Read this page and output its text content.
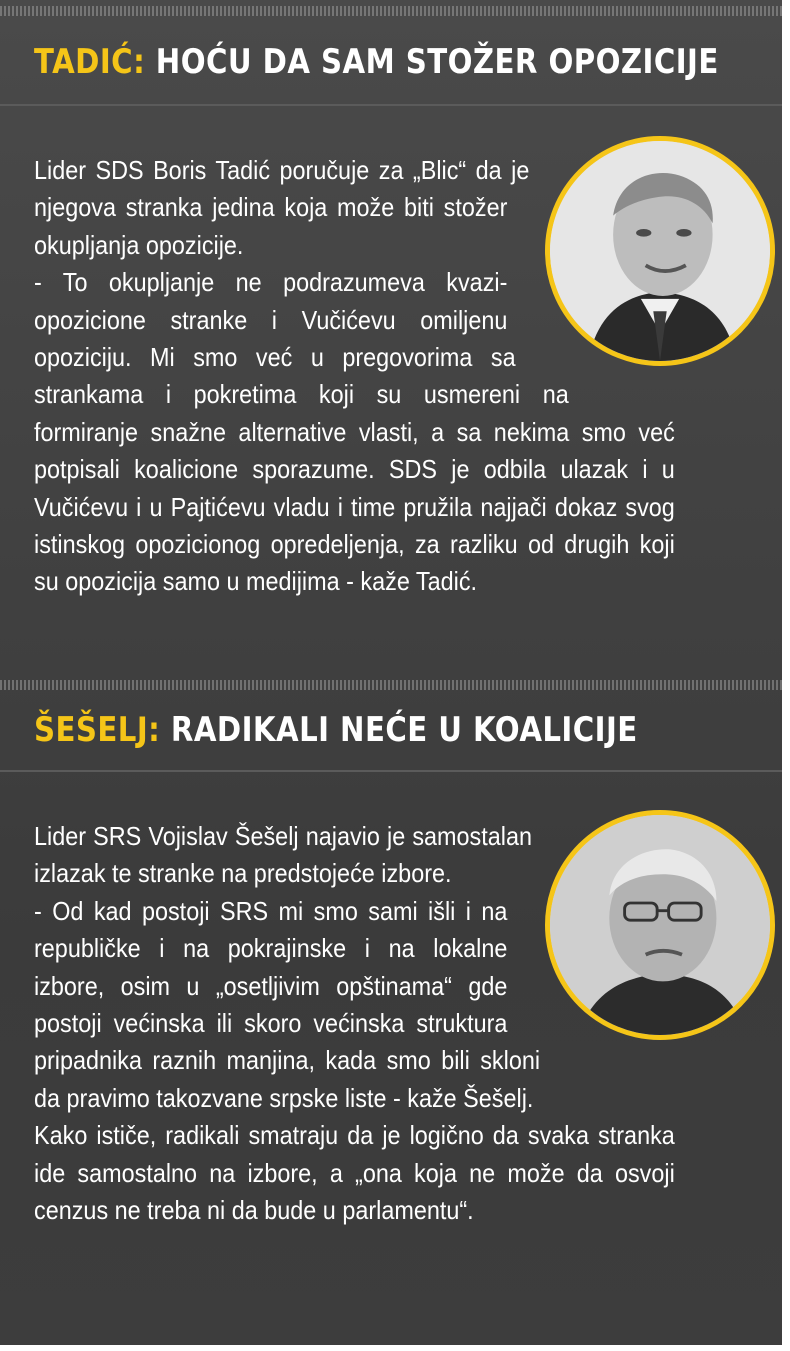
TADIĆ: HOĆU DA SAM STOŽER OPOZICIJE

Lider SDS Boris Tadić poručuje za „Blic“ da je njegova stranka jedina koja može biti stožer okupljanja opozicije.

- To okupljanje ne podrazumeva kvazi-opozicione stranke i Vučićevu omiljenu opoziciju. Mi smo već u pregovorima sa strankama i pokretima koji su usmereni na formiranje snažne alternative vlasti, a sa nekima smo već potpisali koalicione sporazume. SDS je odbila ulazak i u Vučićevu i u Pajtićevu vladu i time pružila najjači dokaz svog istinskog opozicionog opredeljenja, za razliku od drugih koji su opozicija samo u medijima - kaže Tadić.

ŠEŠELJ: RADIKALI NEĆE U KOALICIJE

Lider SRS Vojislav Šešelj najavio je samostalan izlazak te stranke na predstojeće izbore.

- Od kad postoji SRS mi smo sami išli i na republičke i na pokrajinske i na lokalne izbore, osim u „osetljivim opštinama“ gde postoji većinska ili skoro većinska struktura pripadnika raznih manjina, kada smo bili skloni da pravimo takozvane srpske liste - kaže Šešelj.

Kako ističe, radikali smatraju da je logično da svaka stranka ide samostalno na izbore, a „ona koja ne može da osvoji cenzus ne treba ni da bude u parlamentu“.
